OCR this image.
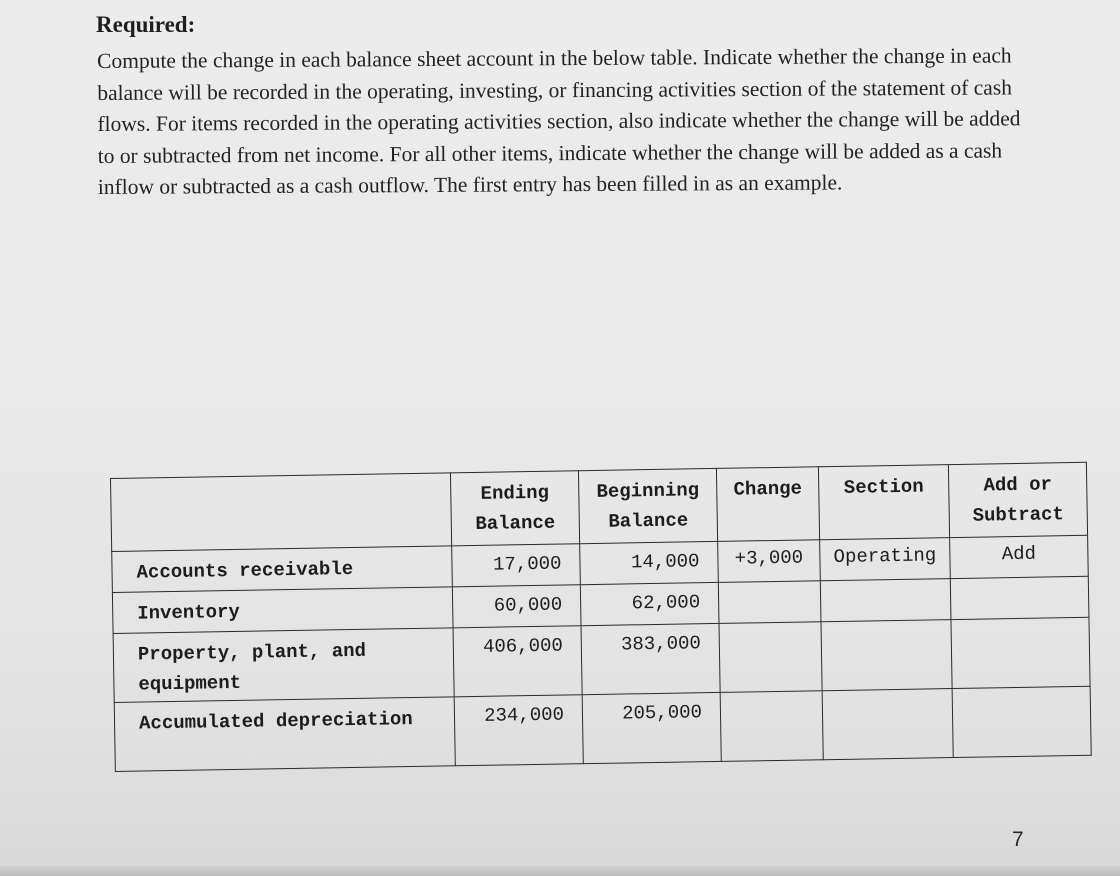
Required:
Compute the change in each balance sheet account in the below table. Indicate whether the change in each balance will be recorded in the operating, investing, or financing activities section of the statement of cash flows. For items recorded in the operating activities section, also indicate whether the change will be added to or subtracted from net income. For all other items, indicate whether the change will be added as a cash inflow or subtracted as a cash outflow. The first entry has been filled in as an example.
	Ending Balance	Beginning Balance	Change	Section	Add or Subtract
Accounts receivable	17,000	14,000	+3,000	Operating	Add
Inventory	60,000	62,000			
Property, plant, and equipment	406,000	383,000			
Accumulated depreciation	234,000	205,000			
7
